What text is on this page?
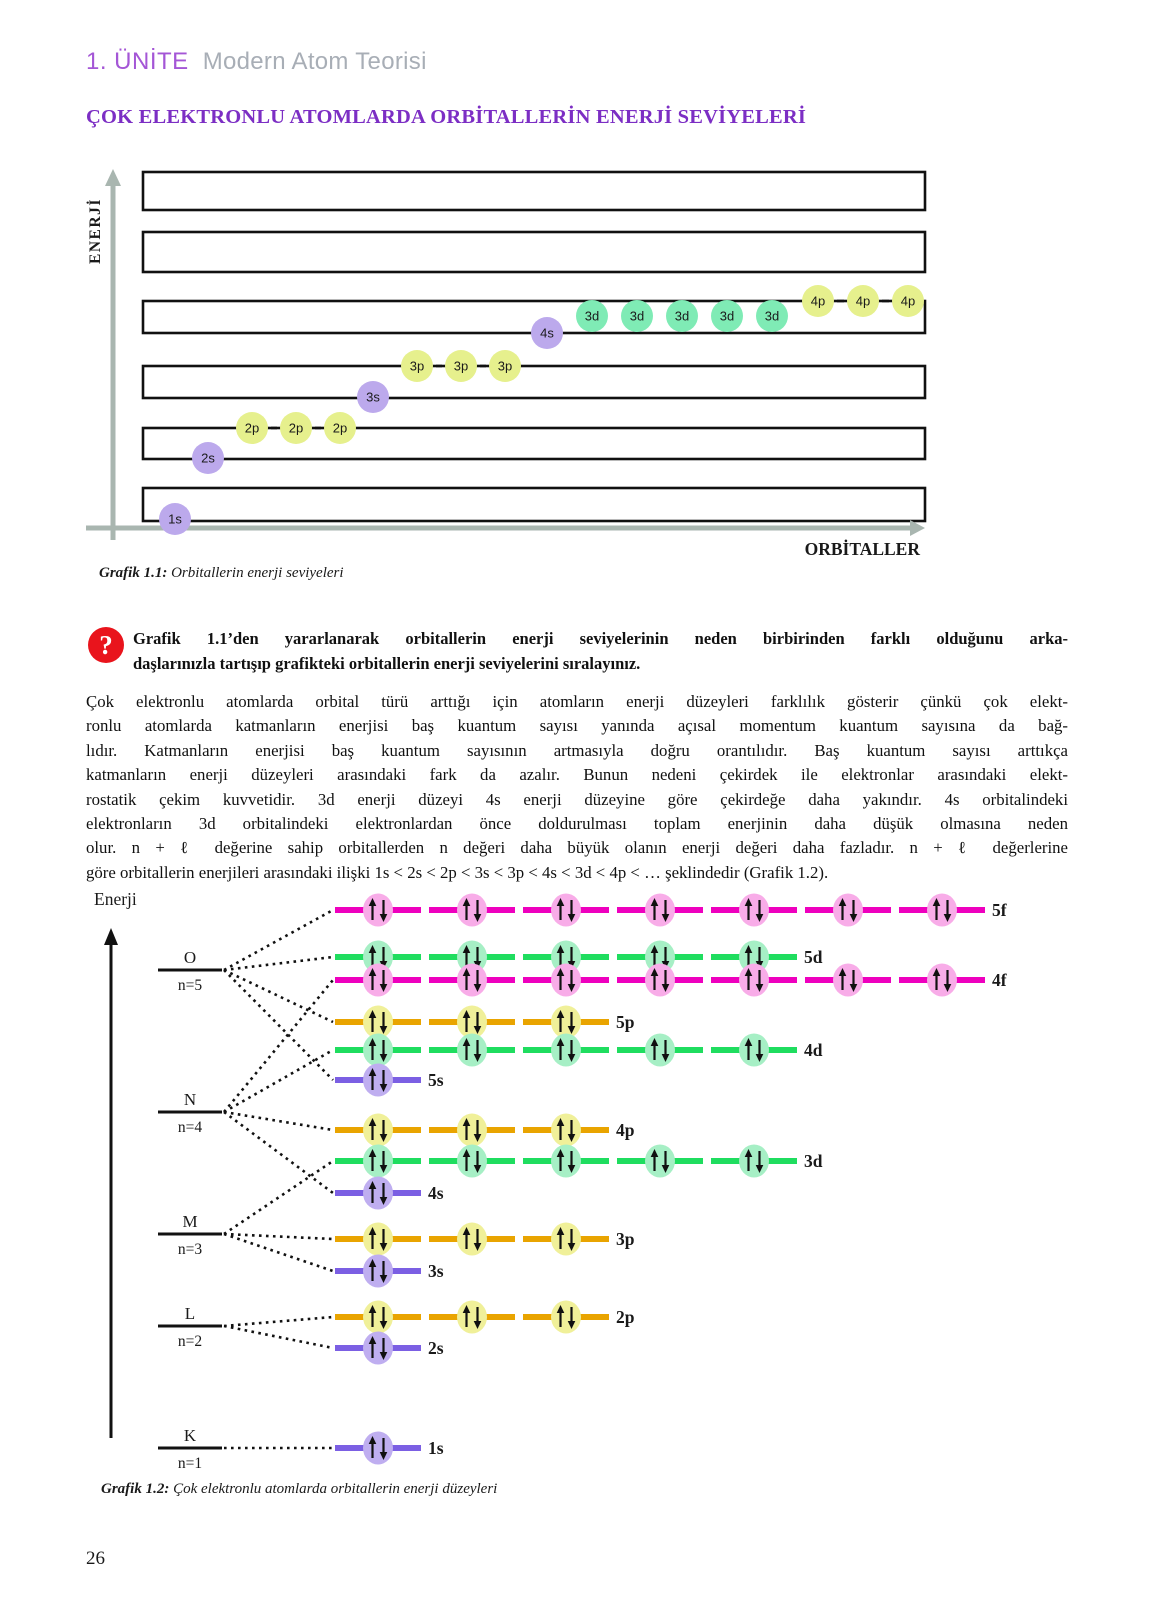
1s
2s
2p 2p 2p
3s
3p 3p 3p
4s
3d 3d 3d 3d 3d
4p 4p 4p
5f
5d
4f
5p
4d
5s
4p
3d
4s
3p
3s
2p
2s
1s
O
n=5
N
n=4
M
n=3
L
n=2
K
n=1
1. ÜNİTE Modern Atom Teorisi
ÇOK ELEKTRONLU ATOMLARDA ORBİTALLERİN ENERJİ SEVİYELERİ
ENERJİ
ORBİTALLER
Grafik 1.1: Orbitallerin enerji seviyeleri
?	Grafik 1.1’den yararlanarak orbitallerin enerji seviyelerinin neden birbirinden farklı olduğunu arka-
daşlarınızla tartışıp grafikteki orbitallerin enerji seviyelerini sıralayınız.
Çok elektronlu atomlarda orbital türü arttığı için atomların enerji düzeyleri farklılık gösterir çünkü çok elekt-
ronlu atomlarda katmanların enerjisi baş kuantum sayısı yanında açısal momentum kuantum sayısına da bağ-
lıdır. Katmanların enerjisi baş kuantum sayısının artmasıyla doğru orantılıdır. Baş kuantum sayısı arttıkça
katmanların enerji düzeyleri arasındaki fark da azalır. Bunun nedeni çekirdek ile elektronlar arasındaki elekt-
rostatik çekim kuvvetidir. 3d enerji düzeyi 4s enerji düzeyine göre çekirdeğe daha yakındır. 4s orbitalindeki
elektronların 3d orbitalindeki elektronlardan önce doldurulması toplam enerjinin daha düşük olmasına neden
olur. n + ℓ değerine sahip orbitallerden n değeri daha büyük olanın enerji değeri daha fazladır. n + ℓ değerlerine
göre orbitallerin enerjileri arasındaki ilişki 1s < 2s < 2p < 3s < 3p < 4s < 3d < 4p < … şeklindedir (Grafik 1.2).
Enerji
Grafik 1.2: Çok elektronlu atomlarda orbitallerin enerji düzeyleri
26
